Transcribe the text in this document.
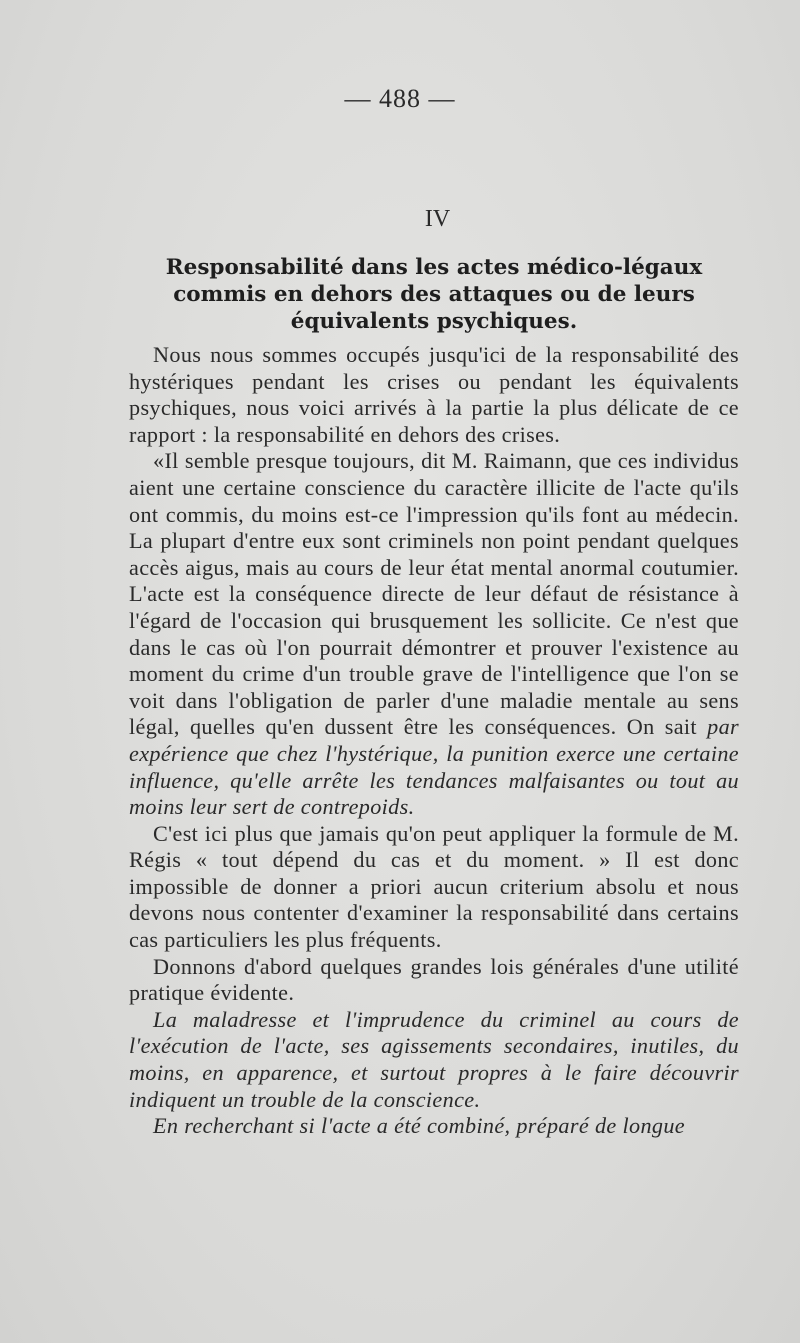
— 488 —
IV
Responsabilité dans les actes médico-légaux commis en dehors des attaques ou de leurs équivalents psychiques.

Nous nous sommes occupés jusqu'ici de la responsabilité des hystériques pendant les crises ou pendant les équivalents psychiques, nous voici arrivés à la partie la plus délicate de ce rapport : la responsabilité en dehors des crises.

«Il semble presque toujours, dit M. Raimann, que ces individus aient une certaine conscience du caractère illicite de l'acte qu'ils ont commis, du moins est-ce l'impression qu'ils font au médecin. La plupart d'entre eux sont criminels non point pendant quelques accès aigus, mais au cours de leur état mental anormal coutumier. L'acte est la conséquence directe de leur défaut de résistance à l'égard de l'occasion qui brusquement les sollicite. Ce n'est que dans le cas où l'on pourrait démontrer et prouver l'existence au moment du crime d'un trouble grave de l'intelligence que l'on se voit dans l'obligation de parler d'une maladie mentale au sens légal, quelles qu'en dussent être les conséquences. On sait par expérience que chez l'hystérique, la punition exerce une certaine influence, qu'elle arrête les tendances malfaisantes ou tout au moins leur sert de contrepoids.

C'est ici plus que jamais qu'on peut appliquer la formule de M. Régis « tout dépend du cas et du moment. » Il est donc impossible de donner a priori aucun criterium absolu et nous devons nous contenter d'examiner la responsabilité dans certains cas particuliers les plus fréquents.

Donnons d'abord quelques grandes lois générales d'une utilité pratique évidente.

La maladresse et l'imprudence du criminel au cours de l'exécution de l'acte, ses agissements secondaires, inutiles, du moins, en apparence, et surtout propres à le faire découvrir indiquent un trouble de la conscience.

En recherchant si l'acte a été combiné, préparé de longue
